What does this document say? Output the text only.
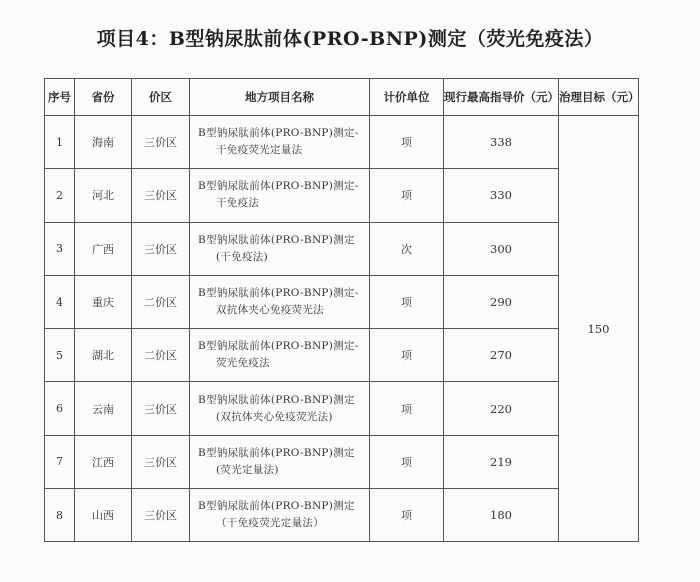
项目4：B型钠尿肽前体(PRO-BNP)测定（荧光免疫法）
序号	省份	价区	地方项目名称	计价单位	现行最高指导价（元）	治理目标（元）
1	海南	三价区	B型钠尿肽前体(PRO-BNP)测定-
干免疫荧光定量法	项	338	150
2	河北	三价区	B型钠尿肽前体(PRO-BNP)测定-
干免疫法	项	330	
3	广西	三价区	B型钠尿肽前体(PRO-BNP)测定
(干免疫法)	次	300	
4	重庆	二价区	B型钠尿肽前体(PRO-BNP)测定-
双抗体夹心免疫荧光法	项	290	
5	湖北	二价区	B型钠尿肽前体(PRO-BNP)测定-
荧光免疫法	项	270	
6	云南	三价区	B型钠尿肽前体(PRO-BNP)测定
(双抗体夹心免疫荧光法)	项	220	
7	江西	三价区	B型钠尿肽前体(PRO-BNP)测定
(荧光定量法)	项	219	
8	山西	三价区	B型钠尿肽前体(PRO-BNP)测定
（干免疫荧光定量法）	项	180	
